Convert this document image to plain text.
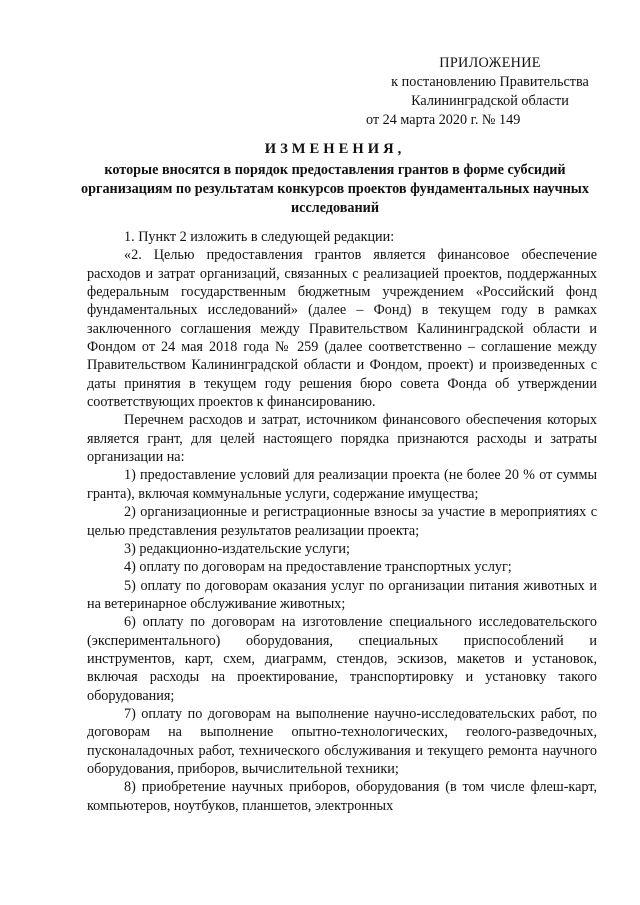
ПРИЛОЖЕНИЕ
к постановлению Правительства
Калининградской области
от 24 марта 2020 г. № 149
ИЗМЕНЕНИЯ,
которые вносятся в порядок предоставления грантов в форме субсидий организациям по результатам конкурсов проектов фундаментальных научных исследований

1. Пункт 2 изложить в следующей редакции:

«2. Целью предоставления грантов является финансовое обеспечение расходов и затрат организаций, связанных с реализацией проектов, поддержанных федеральным государственным бюджетным учреждением «Российский фонд фундаментальных исследований» (далее – Фонд) в текущем году в рамках заключенного соглашения между Правительством Калининградской области и Фондом от 24 мая 2018 года № 259 (далее соответственно – соглашение между Правительством Калининградской области и Фондом, проект) и произведенных с даты принятия в текущем году решения бюро совета Фонда об утверждении соответствующих проектов к финансированию.

Перечнем расходов и затрат, источником финансового обеспечения которых является грант, для целей настоящего порядка признаются расходы и затраты организации на:

1) предоставление условий для реализации проекта (не более 20 % от суммы гранта), включая коммунальные услуги, содержание имущества;

2) организационные и регистрационные взносы за участие в мероприятиях с целью представления результатов реализации проекта;

3) редакционно-издательские услуги;

4) оплату по договорам на предоставление транспортных услуг;

5) оплату по договорам оказания услуг по организации питания животных и на ветеринарное обслуживание животных;

6) оплату по договорам на изготовление специального исследовательского (экспериментального) оборудования, специальных приспособлений и инструментов, карт, схем, диаграмм, стендов, эскизов, макетов и установок, включая расходы на проектирование, транспортировку и установку такого оборудования;

7) оплату по договорам на выполнение научно-исследовательских работ, по договорам на выполнение опытно-технологических, геолого-разведочных, пусконаладочных работ, технического обслуживания и текущего ремонта научного оборудования, приборов, вычислительной техники;

8) приобретение научных приборов, оборудования (в том числе флеш-карт, компьютеров, ноутбуков, планшетов, электронных
